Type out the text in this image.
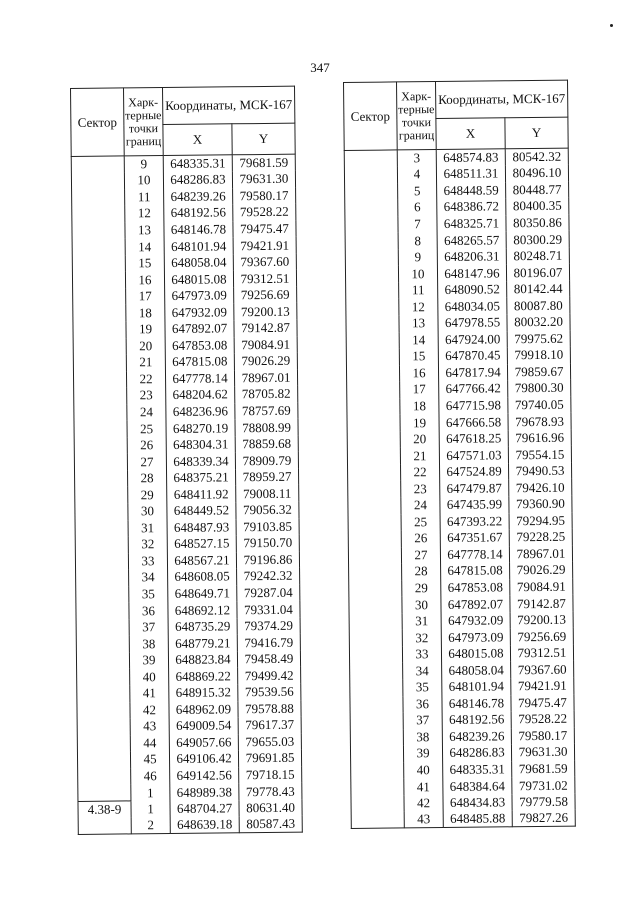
347
Сектор	Харк-терные точки границ	Координаты, МСК-167	
		X	Y
	9	648335.31	79681.59
	10	648286.83	79631.30
	11	648239.26	79580.17
	12	648192.56	79528.22
	13	648146.78	79475.47
	14	648101.94	79421.91
	15	648058.04	79367.60
	16	648015.08	79312.51
	17	647973.09	79256.69
	18	647932.09	79200.13
	19	647892.07	79142.87
	20	647853.08	79084.91
	21	647815.08	79026.29
	22	647778.14	78967.01
	23	648204.62	78705.82
	24	648236.96	78757.69
	25	648270.19	78808.99
	26	648304.31	78859.68
	27	648339.34	78909.79
	28	648375.21	78959.27
	29	648411.92	79008.11
	30	648449.52	79056.32
	31	648487.93	79103.85
	32	648527.15	79150.70
	33	648567.21	79196.86
	34	648608.05	79242.32
	35	648649.71	79287.04
	36	648692.12	79331.04
	37	648735.29	79374.29
	38	648779.21	79416.79
	39	648823.84	79458.49
	40	648869.22	79499.42
	41	648915.32	79539.56
	42	648962.09	79578.88
	43	649009.54	79617.37
	44	649057.66	79655.03
	45	649106.42	79691.85
	46	649142.56	79718.15
	1	648989.38	79778.43
4.38-9	1	648704.27	80631.40
	2	648639.18	80587.43
Сектор	Харк-терные точки границ	Координаты, МСК-167	
		X	Y
	3	648574.83	80542.32
	4	648511.31	80496.10
	5	648448.59	80448.77
	6	648386.72	80400.35
	7	648325.71	80350.86
	8	648265.57	80300.29
	9	648206.31	80248.71
	10	648147.96	80196.07
	11	648090.52	80142.44
	12	648034.05	80087.80
	13	647978.55	80032.20
	14	647924.00	79975.62
	15	647870.45	79918.10
	16	647817.94	79859.67
	17	647766.42	79800.30
	18	647715.98	79740.05
	19	647666.58	79678.93
	20	647618.25	79616.96
	21	647571.03	79554.15
	22	647524.89	79490.53
	23	647479.87	79426.10
	24	647435.99	79360.90
	25	647393.22	79294.95
	26	647351.67	79228.25
	27	647778.14	78967.01
	28	647815.08	79026.29
	29	647853.08	79084.91
	30	647892.07	79142.87
	31	647932.09	79200.13
	32	647973.09	79256.69
	33	648015.08	79312.51
	34	648058.04	79367.60
	35	648101.94	79421.91
	36	648146.78	79475.47
	37	648192.56	79528.22
	38	648239.26	79580.17
	39	648286.83	79631.30
	40	648335.31	79681.59
	41	648384.64	79731.02
	42	648434.83	79779.58
	43	648485.88	79827.26
